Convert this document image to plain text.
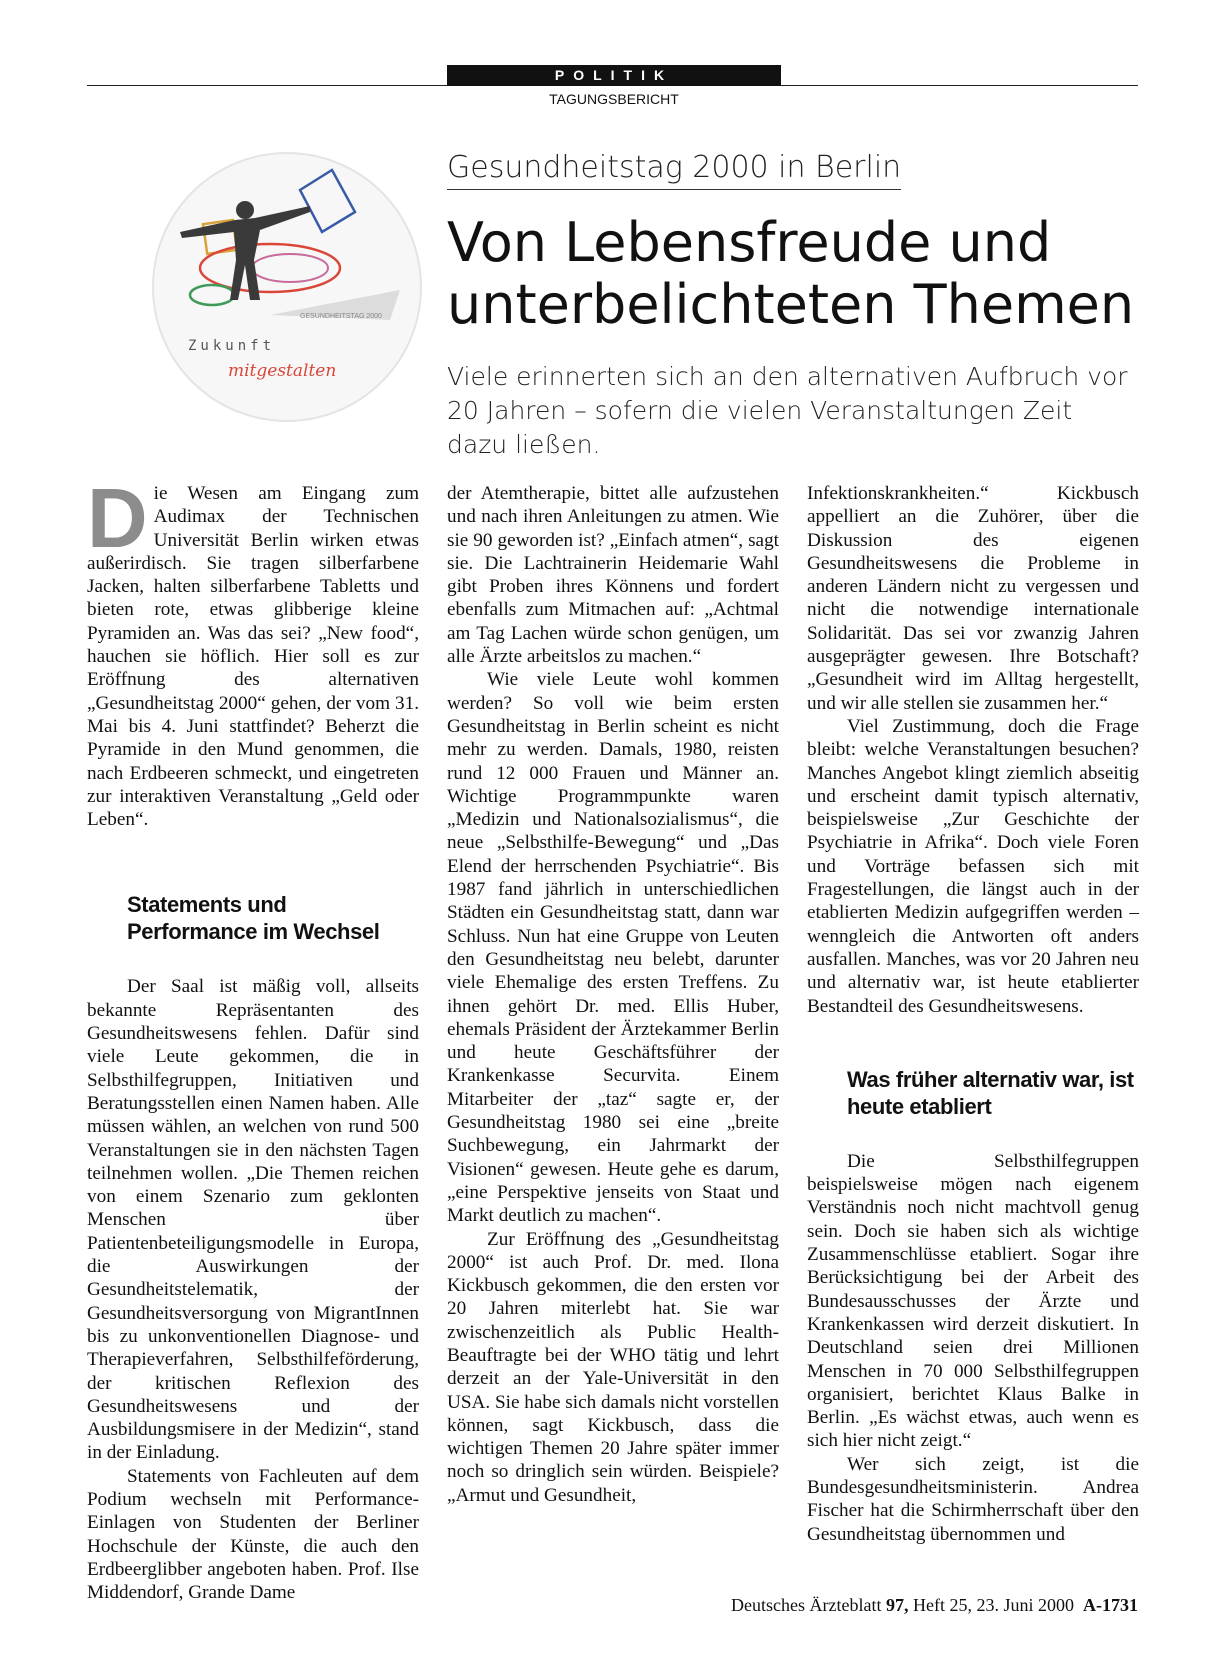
POLITIK
TAGUNGSBERICHT
GESUNDHEITSTAG 2000
Zukunft
mitgestalten
Gesundheitstag 2000 in Berlin
Von Lebensfreude und unterbelichteten Themen
Viele erinnerten sich an den alternativen Aufbruch vor 20 Jahren – sofern die vielen Veranstaltungen Zeit dazu ließen.

Die Wesen am Eingang zum Audimax der Technischen Universität Berlin wirken etwas außerirdisch. Sie tragen silberfarbene Jacken, halten silberfarbene Tabletts und bieten rote, etwas glibberige kleine Pyramiden an. Was das sei? „New food“, hauchen sie höflich. Hier soll es zur Eröffnung des alternativen „Gesundheitstag 2000“ gehen, der vom 31. Mai bis 4. Juni stattfindet? Beherzt die Pyramide in den Mund genommen, die nach Erdbeeren schmeckt, und eingetreten zur interaktiven Veranstaltung „Geld oder Leben“.

Statements und Performance im Wechsel

Der Saal ist mäßig voll, allseits bekannte Repräsentanten des Gesundheitswesens fehlen. Dafür sind viele Leute gekommen, die in Selbsthilfegruppen, Initiativen und Beratungsstellen einen Namen haben. Alle müssen wählen, an welchen von rund 500 Veranstaltungen sie in den nächsten Tagen teilnehmen wollen. „Die Themen reichen von einem Szenario zum geklonten Menschen über Patientenbeteiligungsmodelle in Europa, die Auswirkungen der Gesundheitstelematik, der Gesundheitsversorgung von MigrantInnen bis zu unkonventionellen Diagnose- und Therapieverfahren, Selbsthilfeförderung, der kritischen Reflexion des Gesundheitswesens und der Ausbildungsmisere in der Medizin“, stand in der Einladung.

Statements von Fachleuten auf dem Podium wechseln mit Performance-Einlagen von Studenten der Berliner Hochschule der Künste, die auch den Erdbeerglibber angeboten haben. Prof. Ilse Middendorf, Grande Dame

der Atemtherapie, bittet alle aufzustehen und nach ihren Anleitungen zu atmen. Wie sie 90 geworden ist? „Einfach atmen“, sagt sie. Die Lachtrainerin Heidemarie Wahl gibt Proben ihres Könnens und fordert ebenfalls zum Mitmachen auf: „Achtmal am Tag Lachen würde schon genügen, um alle Ärzte arbeitslos zu machen.“

Wie viele Leute wohl kommen werden? So voll wie beim ersten Gesundheitstag in Berlin scheint es nicht mehr zu werden. Damals, 1980, reisten rund 12 000 Frauen und Männer an. Wichtige Programmpunkte waren „Medizin und Nationalsozialismus“, die neue „Selbsthilfe-Bewegung“ und „Das Elend der herrschenden Psychiatrie“. Bis 1987 fand jährlich in unterschiedlichen Städten ein Gesundheitstag statt, dann war Schluss. Nun hat eine Gruppe von Leuten den Gesundheitstag neu belebt, darunter viele Ehemalige des ersten Treffens. Zu ihnen gehört Dr. med. Ellis Huber, ehemals Präsident der Ärztekammer Berlin und heute Geschäftsführer der Krankenkasse Securvita. Einem Mitarbeiter der „taz“ sagte er, der Gesundheitstag 1980 sei eine „breite Suchbewegung, ein Jahrmarkt der Visionen“ gewesen. Heute gehe es darum, „eine Perspektive jenseits von Staat und Markt deutlich zu machen“.

Zur Eröffnung des „Gesundheitstag 2000“ ist auch Prof. Dr. med. Ilona Kickbusch gekommen, die den ersten vor 20 Jahren miterlebt hat. Sie war zwischenzeitlich als Public Health-Beauftragte bei der WHO tätig und lehrt derzeit an der Yale-Universität in den USA. Sie habe sich damals nicht vorstellen können, sagt Kickbusch, dass die wichtigen Themen 20 Jahre später immer noch so dringlich sein würden. Beispiele? „Armut und Gesundheit,

Infektionskrankheiten.“ Kickbusch appelliert an die Zuhörer, über die Diskussion des eigenen Gesundheitswesens die Probleme in anderen Ländern nicht zu vergessen und nicht die notwendige internationale Solidarität. Das sei vor zwanzig Jahren ausgeprägter gewesen. Ihre Botschaft? „Gesundheit wird im Alltag hergestellt, und wir alle stellen sie zusammen her.“

Viel Zustimmung, doch die Frage bleibt: welche Veranstaltungen besuchen? Manches Angebot klingt ziemlich abseitig und erscheint damit typisch alternativ, beispielsweise „Zur Geschichte der Psychiatrie in Afrika“. Doch viele Foren und Vorträge befassen sich mit Fragestellungen, die längst auch in der etablierten Medizin aufgegriffen werden – wenngleich die Antworten oft anders ausfallen. Manches, was vor 20 Jahren neu und alternativ war, ist heute etablierter Bestandteil des Gesundheitswesens.

Was früher alternativ war, ist heute etabliert

Die Selbsthilfegruppen beispielsweise mögen nach eigenem Verständnis noch nicht machtvoll genug sein. Doch sie haben sich als wichtige Zusammenschlüsse etabliert. Sogar ihre Berücksichtigung bei der Arbeit des Bundesausschusses der Ärzte und Krankenkassen wird derzeit diskutiert. In Deutschland seien drei Millionen Menschen in 70 000 Selbsthilfegruppen organisiert, berichtet Klaus Balke in Berlin. „Es wächst etwas, auch wenn es sich hier nicht zeigt.“

Wer sich zeigt, ist die Bundesgesundheitsministerin. Andrea Fischer hat die Schirmherrschaft über den Gesundheitstag übernommen und

Deutsches Ärzteblatt 97, Heft 25, 23. Juni 2000 A-1731
